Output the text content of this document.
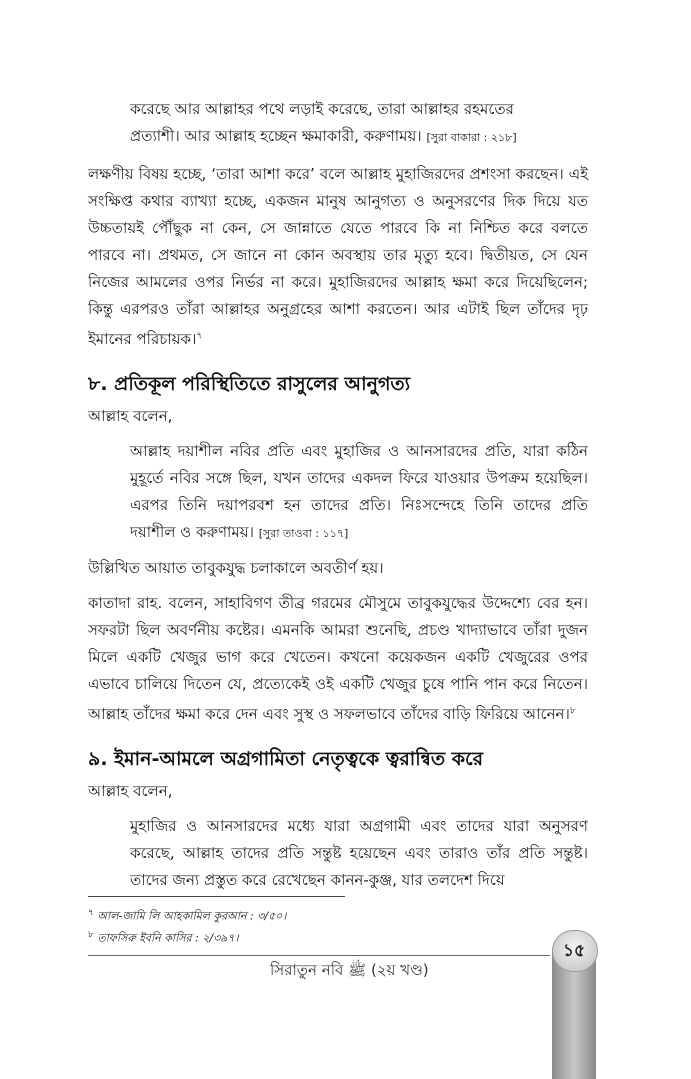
করেছে আর আল্লাহর পথে লড়াই করেছে, তারা আল্লাহর রহমতের

প্রত্যাশী। আর আল্লাহ হচ্ছেন ক্ষমাকারী, করুণাময়। [সুরা বাকারা : ২১৮]

লক্ষণীয় বিষয় হচ্ছে, ‘তারা আশা করে’ বলে আল্লাহ মুহাজিরদের প্রশংসা করছেন। এই সংক্ষিপ্ত কথার ব্যাখ্যা হচ্ছে, একজন মানুষ আনুগত্য ও অনুসরণের দিক দিয়ে যত উচ্চতায়ই পৌঁছুক না কেন, সে জান্নাতে যেতে পারবে কি না নিশ্চিত করে বলতে পারবে না। প্রথমত, সে জানে না কোন অবস্থায় তার মৃত্যু হবে। দ্বিতীয়ত, সে যেন নিজের আমলের ওপর নির্ভর না করে। মুহাজিরদের আল্লাহ ক্ষমা করে দিয়েছিলেন; কিন্তু এরপরও তাঁরা আল্লাহর অনুগ্রহের আশা করতেন। আর এটাই ছিল তাঁদের দৃঢ় ইমানের পরিচায়ক।$^৭$

৮. প্রতিকূল পরিস্থিতিতে রাসুলের আনুগত্য

আল্লাহ বলেন,

আল্লাহ দয়াশীল নবির প্রতি এবং মুহাজির ও আনসারদের প্রতি, যারা কঠিন মুহূর্তে নবির সঙ্গে ছিল, যখন তাদের একদল ফিরে যাওয়ার উপক্রম হয়েছিল। এরপর তিনি দয়াপরবশ হন তাদের প্রতি। নিঃসন্দেহে তিনি তাদের প্রতি দয়াশীল ও করুণাময়। [সুরা তাওবা : ১১৭]

উল্লিখিত আয়াত তাবুকযুদ্ধ চলাকালে অবতীর্ণ হয়।

কাতাদা রাহ. বলেন, সাহাবিগণ তীব্র গরমের মৌসুমে তাবুকযুদ্ধের উদ্দেশ্যে বের হন। সফরটা ছিল অবর্ণনীয় কষ্টের। এমনকি আমরা শুনেছি, প্রচণ্ড খাদ্যাভাবে তাঁরা দুজন মিলে একটি খেজুর ভাগ করে খেতেন। কখনো কয়েকজন একটি খেজুরের ওপর এভাবে চালিয়ে দিতেন যে, প্রত্যেকেই ওই একটি খেজুর চুষে পানি পান করে নিতেন। আল্লাহ তাঁদের ক্ষমা করে দেন এবং সুস্থ ও সফলভাবে তাঁদের বাড়ি ফিরিয়ে আনেন।$^৮$

৯. ইমান-আমলে অগ্রগামিতা নেতৃত্বকে ত্বরান্বিত করে

আল্লাহ বলেন,

মুহাজির ও আনসারদের মধ্যে যারা অগ্রগামী এবং তাদের যারা অনুসরণ করেছে, আল্লাহ তাদের প্রতি সন্তুষ্ট হয়েছেন এবং তারাও তাঁর প্রতি সন্তুষ্ট। তাদের জন্য প্রস্তুত করে রেখেছেন কানন-কুঞ্জ, যার তলদেশ দিয়ে

$^৭$ আল-জামি লি আহকামিল কুরআন : ৩/৫০।
$^৮$ তাফসিরু ইবনি কাসির : ২/৩৯৭।
সিরাতুন নবি ﷺ (২য় খণ্ড)
১৫
